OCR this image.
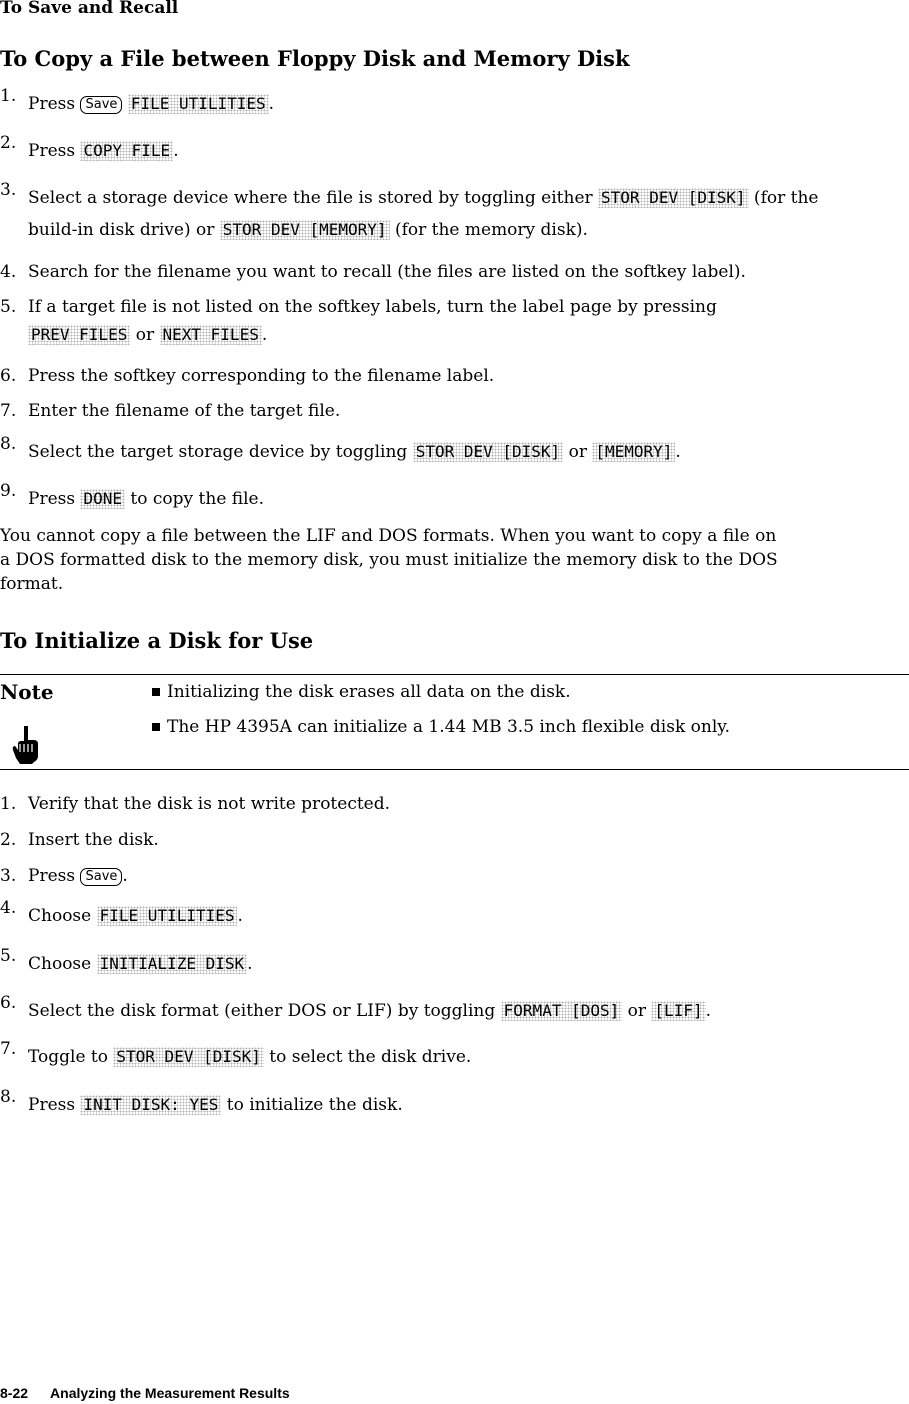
To Save and Recall
To Copy a File between Floppy Disk and Memory Disk
1. Press Save FILE UTILITIES .
2. Press COPY FILE .
3. Select a storage device where the file is stored by toggling either STOR DEV [DISK] (for the
build-in disk drive) or STOR DEV [MEMORY] (for the memory disk).
4. Search for the filename you want to recall (the files are listed on the softkey label).
5. If a target file is not listed on the softkey labels, turn the label page by pressing
PREV FILES or NEXT FILES .
6. Press the softkey corresponding to the filename label.
7. Enter the filename of the target file.
8. Select the target storage device by toggling STOR DEV [DISK] or [MEMORY] .
9. Press DONE to copy the file.
You cannot copy a file between the LIF and DOS formats. When you want to copy a file on
a DOS formatted disk to the memory disk, you must initialize the memory disk to the DOS
format.
To Initialize a Disk for Use
Note	Initializing the disk erases all data on the disk.
The HP 4395A can initialize a 1.44 MB 3.5 inch flexible disk only.
1. Verify that the disk is not write protected.
2. Insert the disk.
3. Press Save .
4. Choose FILE UTILITIES .
5. Choose INITIALIZE DISK .
6. Select the disk format (either DOS or LIF) by toggling FORMAT [DOS] or [LIF] .
7. Toggle to STOR DEV [DISK] to select the disk drive.
8. Press INIT DISK: YES to initialize the disk.
8-22 Analyzing the Measurement Results
